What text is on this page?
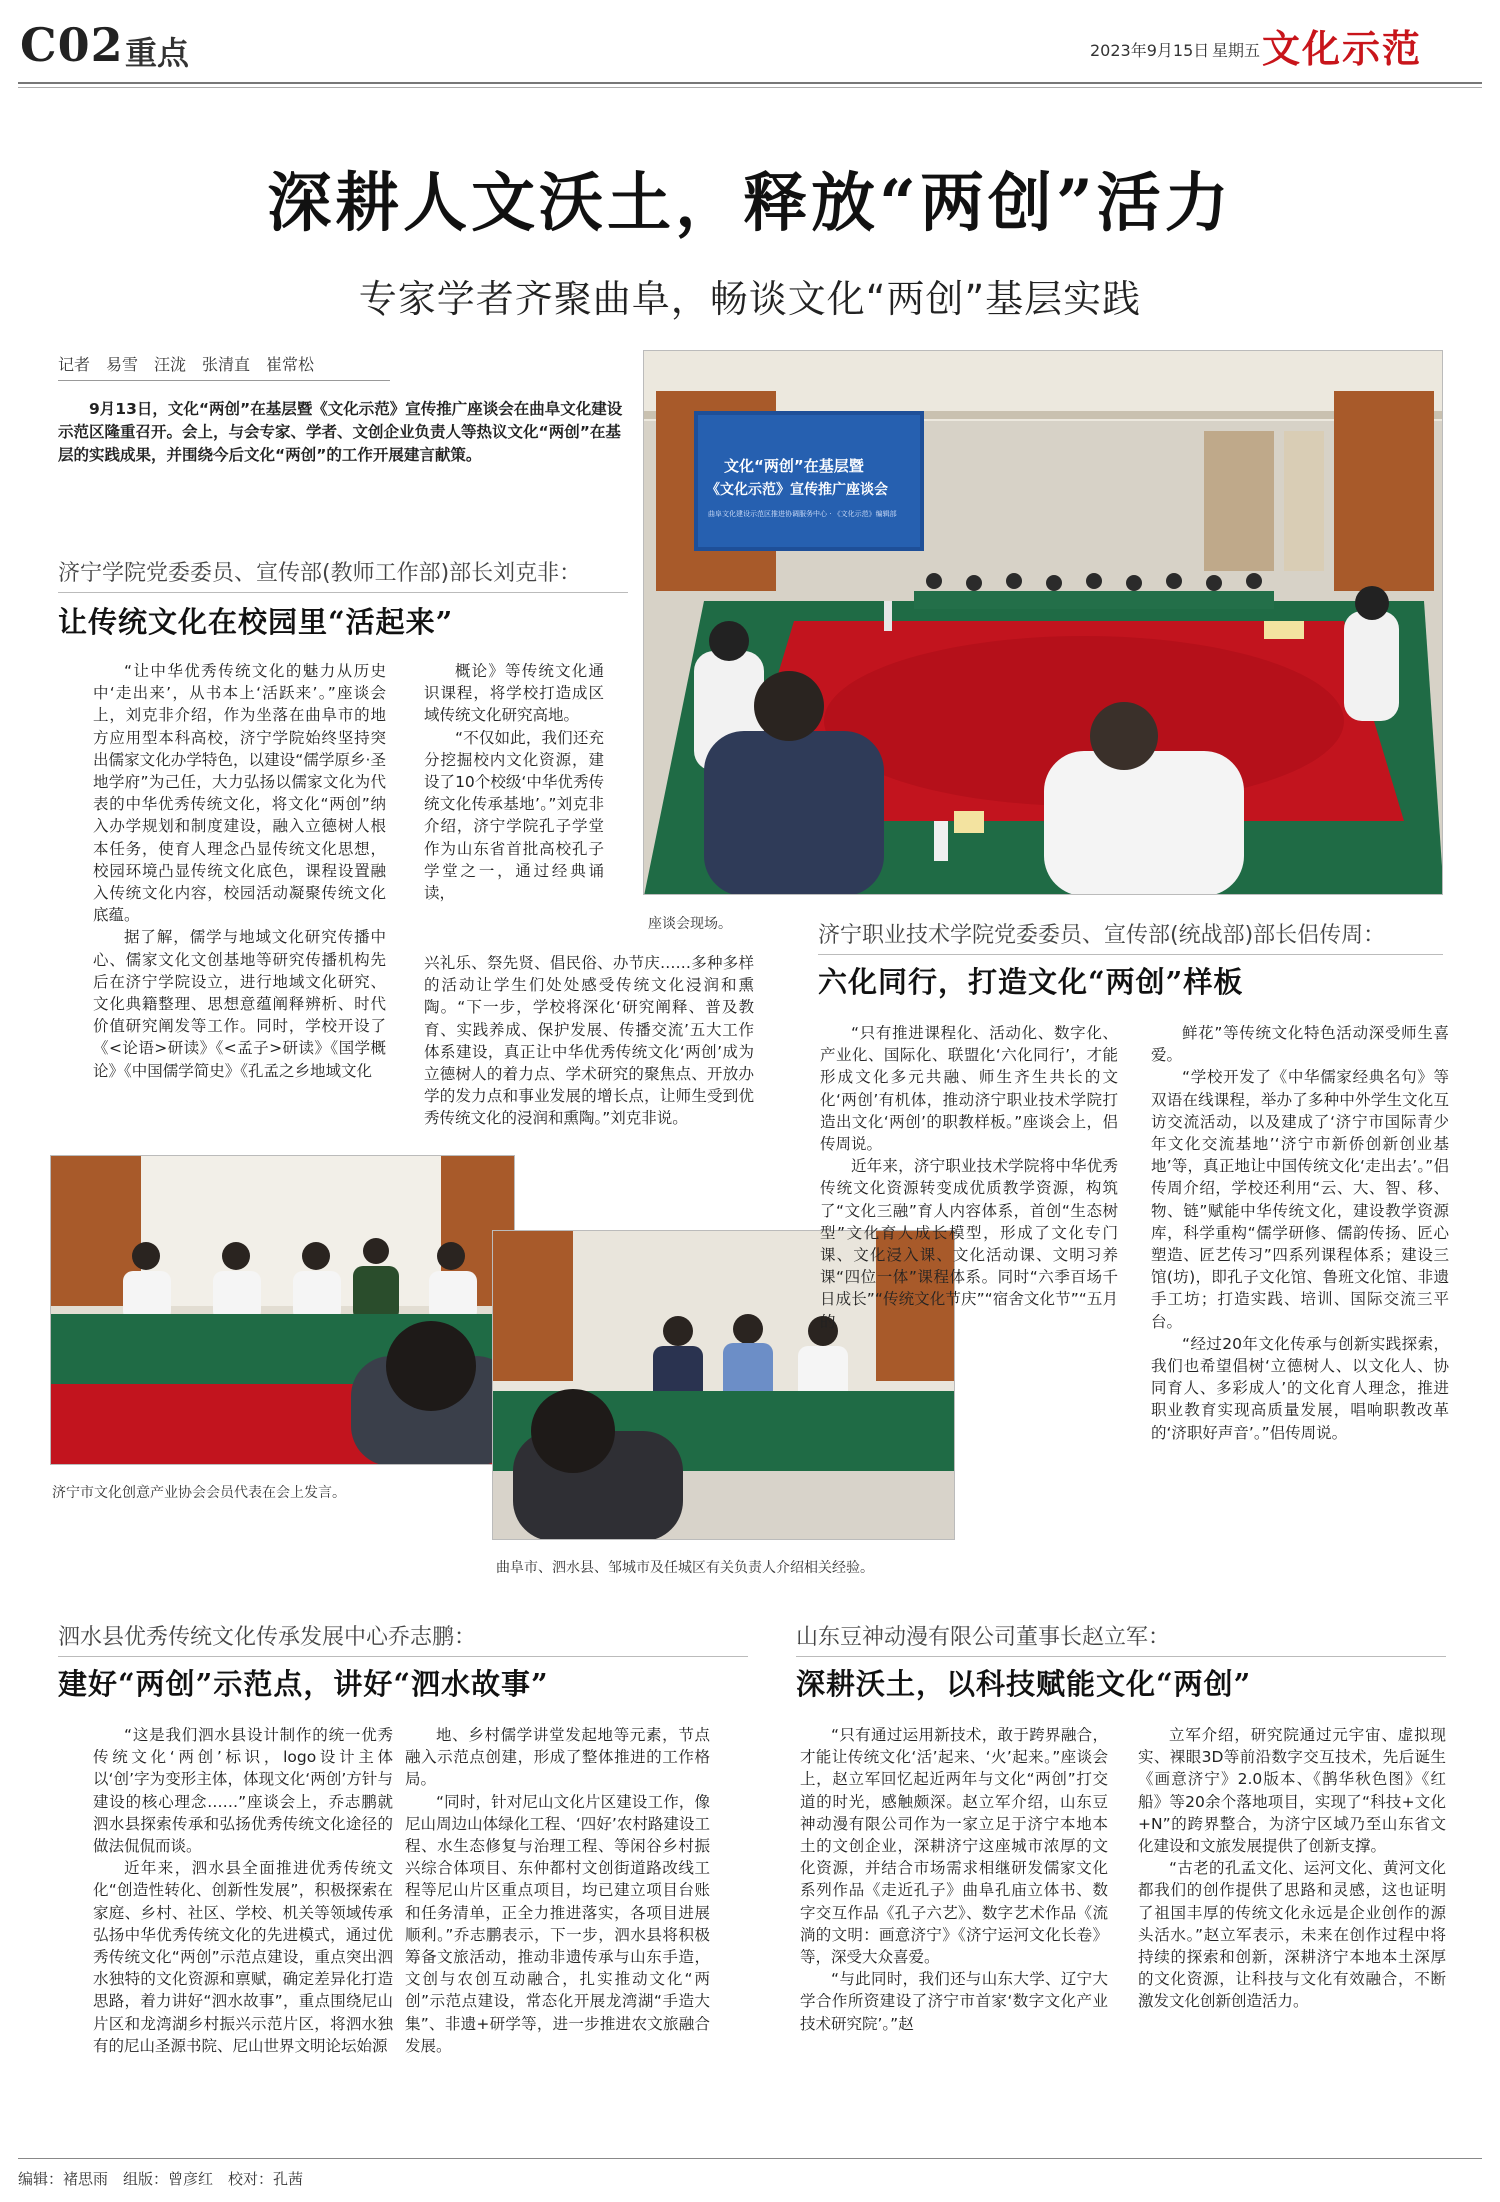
C02 重点	2023年9月15日 星期五 文化示范
深耕人文沃土，释放“两创”活力
专家学者齐聚曲阜，畅谈文化“两创”基层实践
记者　易雪　汪泷　张清直　崔常松
9月13日，文化“两创”在基层暨《文化示范》宣传推广座谈会在曲阜文化建设示范区隆重召开。会上，与会专家、学者、文创企业负责人等热议文化“两创”在基层的实践成果，并围绕今后文化“两创”的工作开展建言献策。
文化“两创”在基层暨
《文化示范》宣传推广座谈会
曲阜文化建设示范区推进协调服务中心 · 《文化示范》编辑部
座谈会现场。
济宁学院党委委员、宣传部(教师工作部)部长刘克非：
让传统文化在校园里“活起来”

“让中华优秀传统文化的魅力从历史中‘走出来’，从书本上‘活跃来’。”座谈会上，刘克非介绍，作为坐落在曲阜市的地方应用型本科高校，济宁学院始终坚持突出儒家文化办学特色，以建设“儒学原乡·圣地学府”为己任，大力弘扬以儒家文化为代表的中华优秀传统文化，将文化“两创”纳入办学规划和制度建设，融入立德树人根本任务，使育人理念凸显传统文化思想，校园环境凸显传统文化底色，课程设置融入传统文化内容，校园活动凝聚传统文化底蕴。

据了解，儒学与地域文化研究传播中心、儒家文化文创基地等研究传播机构先后在济宁学院设立，进行地域文化研究、文化典籍整理、思想意蕴阐释辨析、时代价值研究阐发等工作。同时，学校开设了《<论语>研读》《<孟子>研读》《国学概论》《中国儒学简史》《孔孟之乡地域文化

概论》等传统文化通识课程，将学校打造成区域传统文化研究高地。

“不仅如此，我们还充分挖掘校内文化资源，建设了10个校级‘中华优秀传统文化传承基地’。”刘克非介绍，济宁学院孔子学堂作为山东省首批高校孔子学堂之一，通过经典诵读，

兴礼乐、祭先贤、倡民俗、办节庆……多种多样的活动让学生们处处感受传统文化浸润和熏陶。“下一步，学校将深化‘研究阐释、普及教育、实践养成、保护发展、传播交流’五大工作体系建设，真正让中华优秀传统文化‘两创’成为立德树人的着力点、学术研究的聚焦点、开放办学的发力点和事业发展的增长点，让师生受到优秀传统文化的浸润和熏陶。”刘克非说。

济宁市文化创意产业协会会员代表在会上发言。
曲阜市、泗水县、邹城市及任城区有关负责人介绍相关经验。
济宁职业技术学院党委委员、宣传部(统战部)部长侣传周：
六化同行，打造文化“两创”样板

“只有推进课程化、活动化、数字化、产业化、国际化、联盟化‘六化同行’，才能形成文化多元共融、师生齐生共长的文化‘两创’有机体，推动济宁职业技术学院打造出文化‘两创’的职教样板。”座谈会上，侣传周说。

近年来，济宁职业技术学院将中华优秀传统文化资源转变成优质教学资源，构筑了“文化三融”育人内容体系，首创“生态树型”文化育人成长模型，形成了文化专门课、文化浸入课、文化活动课、文明习养课“四位一体”课程体系。同时“六季百场千日成长”“传统文化节庆”“宿舍文化节”“五月的

鲜花”等传统文化特色活动深受师生喜爱。

“学校开发了《中华儒家经典名句》等双语在线课程，举办了多种中外学生文化互访交流活动，以及建成了‘济宁市国际青少年文化交流基地’‘济宁市新侨创新创业基地’等，真正地让中国传统文化‘走出去’。”侣传周介绍，学校还利用“云、大、智、移、物、链”赋能中华传统文化，建设教学资源库，科学重构“儒学研修、儒韵传扬、匠心塑造、匠艺传习”四系列课程体系；建设三馆(坊)，即孔子文化馆、鲁班文化馆、非遗手工坊；打造实践、培训、国际交流三平台。

“经过20年文化传承与创新实践探索，我们也希望倡树‘立德树人、以文化人、协同育人、多彩成人’的文化育人理念，推进职业教育实现高质量发展，唱响职教改革的‘济职好声音’。”侣传周说。

泗水县优秀传统文化传承发展中心乔志鹏：
建好“两创”示范点，讲好“泗水故事”

“这是我们泗水县设计制作的统一优秀传统文化‘两创’标识，logo设计主体以‘创’字为变形主体，体现文化‘两创’方针与建设的核心理念……”座谈会上，乔志鹏就泗水县探索传承和弘扬优秀传统文化途径的做法侃侃而谈。

近年来，泗水县全面推进优秀传统文化“创造性转化、创新性发展”，积极探索在家庭、乡村、社区、学校、机关等领域传承弘扬中华优秀传统文化的先进模式，通过优秀传统文化“两创”示范点建设，重点突出泗水独特的文化资源和禀赋，确定差异化打造思路，着力讲好“泗水故事”，重点围绕尼山片区和龙湾湖乡村振兴示范片区，将泗水独有的尼山圣源书院、尼山世界文明论坛始源

地、乡村儒学讲堂发起地等元素，节点融入示范点创建，形成了整体推进的工作格局。

“同时，针对尼山文化片区建设工作，像尼山周边山体绿化工程、‘四好’农村路建设工程、水生态修复与治理工程、等闲谷乡村振兴综合体项目、东仲都村文创街道路改线工程等尼山片区重点项目，均已建立项目台账和任务清单，正全力推进落实，各项目进展顺利。”乔志鹏表示，下一步，泗水县将积极筹备文旅活动，推动非遗传承与山东手造，文创与农创互动融合，扎实推动文化“两创”示范点建设，常态化开展龙湾湖“手造大集”、非遗+研学等，进一步推进农文旅融合发展。

山东豆神动漫有限公司董事长赵立军：
深耕沃土，以科技赋能文化“两创”

“只有通过运用新技术，敢于跨界融合，才能让传统文化‘活’起来、‘火’起来。”座谈会上，赵立军回忆起近两年与文化“两创”打交道的时光，感触颇深。赵立军介绍，山东豆神动漫有限公司作为一家立足于济宁本地本土的文创企业，深耕济宁这座城市浓厚的文化资源，并结合市场需求相继研发儒家文化系列作品《走近孔子》曲阜孔庙立体书、数字交互作品《孔子六艺》、数字艺术作品《流淌的文明：画意济宁》《济宁运河文化长卷》等，深受大众喜爱。

“与此同时，我们还与山东大学、辽宁大学合作所资建设了济宁市首家‘数字文化产业技术研究院’。”赵

立军介绍，研究院通过元宇宙、虚拟现实、裸眼3D等前沿数字交互技术，先后诞生《画意济宁》2.0版本、《鹊华秋色图》《红船》等20余个落地项目，实现了“科技+文化+N”的跨界整合，为济宁区域乃至山东省文化建设和文旅发展提供了创新支撑。

“古老的孔孟文化、运河文化、黄河文化都我们的创作提供了思路和灵感，这也证明了祖国丰厚的传统文化永远是企业创作的源头活水。”赵立军表示，未来在创作过程中将持续的探索和创新，深耕济宁本地本土深厚的文化资源，让科技与文化有效融合，不断激发文化创新创造活力。

编辑：褚思雨　组版：曾彦红　校对：孔茜
